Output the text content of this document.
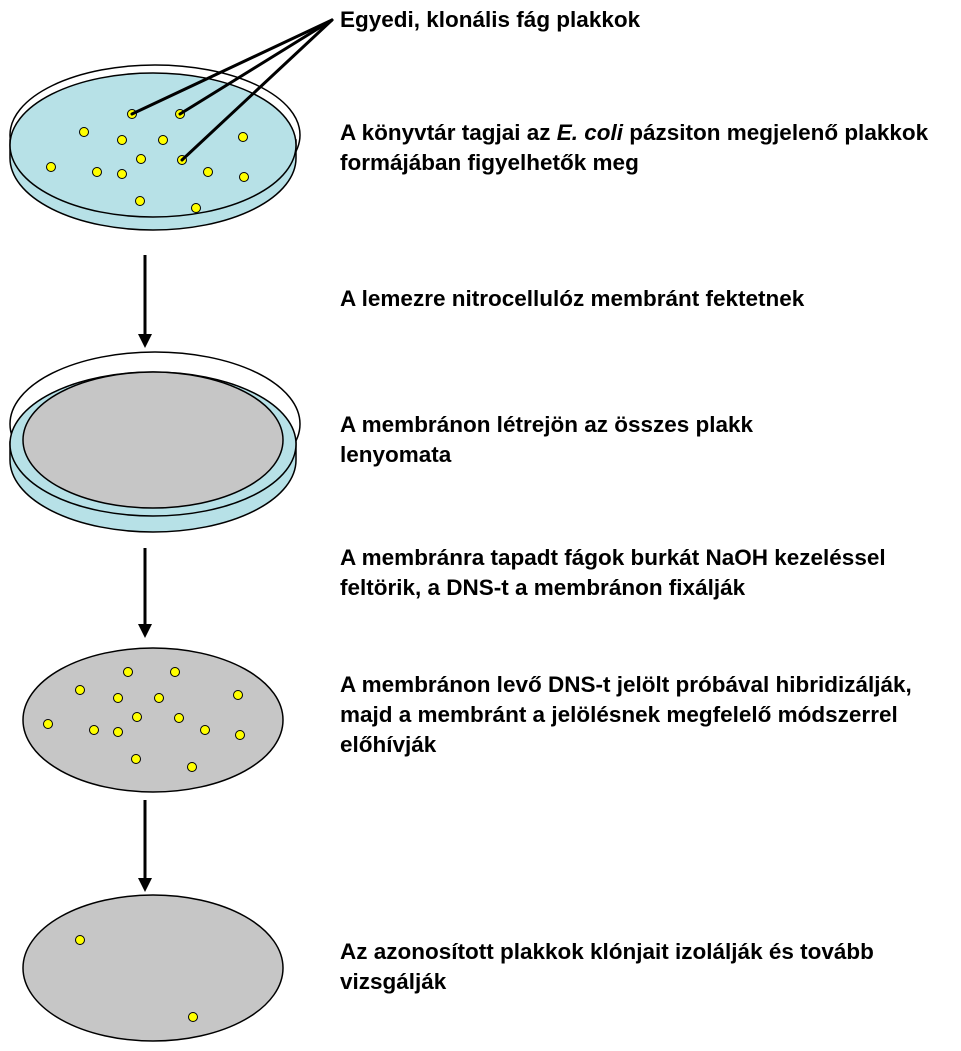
Egyedi, klonális fág plakkok
A könyvtár tagjai az E. coli pázsiton megjelenő plakkok formájában figyelhetők meg
A lemezre nitrocellulóz membránt fektetnek
A membránon létrejön az összes plakk lenyomata
A membránra tapadt fágok burkát NaOH kezeléssel feltörik, a DNS-t a membránon fixálják
A membránon levő DNS-t jelölt próbával hibridizálják, majd a membránt a jelölésnek megfelelő módszerrel előhívják
Az azonosított plakkok klónjait izolálják és tovább vizsgálják
